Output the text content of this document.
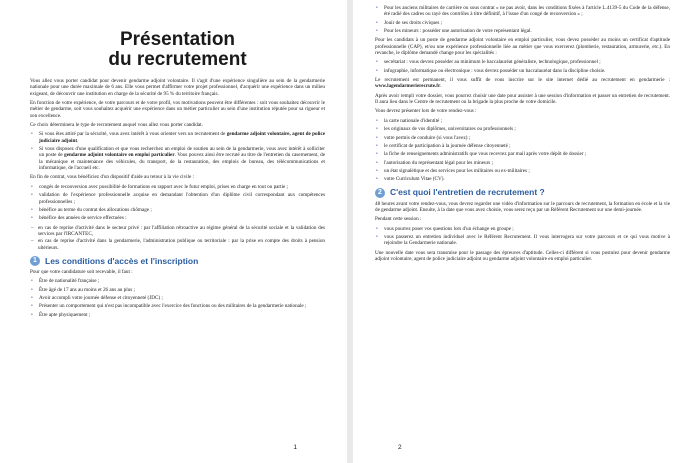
Présentation
du recrutement

Vous allez vous porter candidat pour devenir gendarme adjoint volontaire. Il s'agit d'une expérience singulière au sein de la gendarmerie nationale pour une durée maximale de 6 ans. Elle vous permet d'affirmer votre projet professionnel, d'acquérir une expérience dans un milieu exigeant, de découvrir une institution en charge de la sécurité de 95 % du territoire français.

En fonction de votre expérience, de votre parcours et de votre profil, vos motivations peuvent être différentes : soit vous souhaitez découvrir le métier de gendarme, soit vous souhaitez acquérir une expérience dans un métier particulier au sein d'une institution réputée pour sa rigueur et son excellence.

Ce choix déterminera le type de recrutement auquel vous allez vous porter candidat.

• Si vous êtes attiré par la sécurité, vous avez intérêt à vous orienter vers un recrutement de gendarme adjoint volontaire, agent de police judiciaire adjoint.
• Si vous disposez d'une qualification et que vous recherchez un emploi de soutien au sein de la gendarmerie, vous avez intérêt à solliciter un poste de gendarme adjoint volontaire en emploi particulier. Vous pouvez ainsi être recruté au titre de l'entretien du casernement, de la mécanique et maintenance des véhicules, du transport, de la restauration, des emplois de bureau, des télécommunications et informatique, de l'accueil etc.

En fin de contrat, vous bénéficiez d'un dispositif d'aide au retour à la vie civile :

• congés de reconversion avec possibilité de formations en rapport avec le futur emploi, prises en charge en tout ou partie ;
• validation de l'expérience professionnelle acquise en demandant l'obtention d'un diplôme civil correspondant aux compétences professionnelles ;
• bénéfice au terme du contrat des allocations chômage ;
• bénéfice des années de service effectuées :
– en cas de reprise d'activité dans le secteur privé : par l'affiliation rétroactive au régime général de la sécurité sociale et la validation des services par l'IRCANTEC,
– en cas de reprise d'activité dans la gendarmerie, l'administration publique ou territoriale : par la prise en compte des droits à pension ultérieurs.
1 Les conditions d'accès et l'inscription

Pour que votre candidature soit recevable, il faut :

• Être de nationalité française ;
• Être âgé de 17 ans au moins et 26 ans au plus ;
• Avoir accompli votre journée défense et citoyenneté (JDC) ;
• Présenter un comportement qui n'est pas incompatible avec l'exercice des fonctions ou des militaires de la gendarmerie nationale ;
• Être apte physiquement ;
1
• Pour les anciens militaires de carrière ou sous contrat « ne pas avoir, dans les conditions fixées à l'article L.4139-5 du Code de la défense, été radié des cadres ou rayé des contrôles à titre définitif, à l'issue d'un congé de reconversion » ;
• Jouir de ses droits civiques ;
• Pour les mineurs : posséder une autorisation de votre représentant légal.

Pour les candidats à un poste de gendarme adjoint volontaire en emploi particulier, vous devez posséder au moins un certificat d'aptitude professionnelle (CAP), et/ou une expérience professionnelle liée au métier que vous exercerez (plomberie, restauration, armurerie, etc.). En revanche, le diplôme demandé change pour les spécialités :

• secrétariat : vous devrez posséder au minimum le baccalauréat généraliste, technologique, professionnel ;
• infographie, informatique ou électronique : vous devrez posséder un baccalauréat dans la discipline choisie.

Le recrutement est permanent, il vous suffit de vous inscrire sur le site internet dédié au recrutement en gendarmerie : www.lagendarmerierecrute.fr.

Après avoir rempli votre dossier, vous pourrez choisir une date pour assister à une session d'information et passer un entretien de recrutement. Il aura lieu dans le Centre de recrutement ou la brigade la plus proche de votre domicile.

Vous devrez présenter lors de votre rendez-vous :

• la carte nationale d'identité ;
• les originaux de vos diplômes, universitaires ou professionnels ;
• votre permis de conduire (si vous l'avez) ;
• le certificat de participation à la journée défense citoyenneté ;
• la fiche de renseignements administratifs que vous recevrez par mail après votre dépôt de dossier ;
• l'autorisation du représentant légal pour les mineurs ;
• un état signalétique et des services pour les militaires ou ex-militaires ;
• votre Curriculum Vitae (CV).
2 C'est quoi l'entretien de recrutement ?

48 heures avant votre rendez-vous, vous devrez regarder une vidéo d'information sur le parcours de recrutement, la formation en école et la vie de gendarme adjoint. Ensuite, à la date que vous avez choisie, vous serez reçu par un Référent Recrutement sur une demi-journée.

Pendant cette session :

• vous pourrez poser vos questions lors d'un échange en groupe ;
• vous passerez un entretien individuel avec le Référent Recrutement. Il vous interrogera sur votre parcours et ce qui vous motive à rejoindre la Gendarmerie nationale.

Une nouvelle date vous sera transmise pour le passage des épreuves d'aptitude. Celles-ci différent si vous postulez pour devenir gendarme adjoint volontaire, agent de police judiciaire adjoint ou gendarme adjoint volontaire en emploi particulier.

2
